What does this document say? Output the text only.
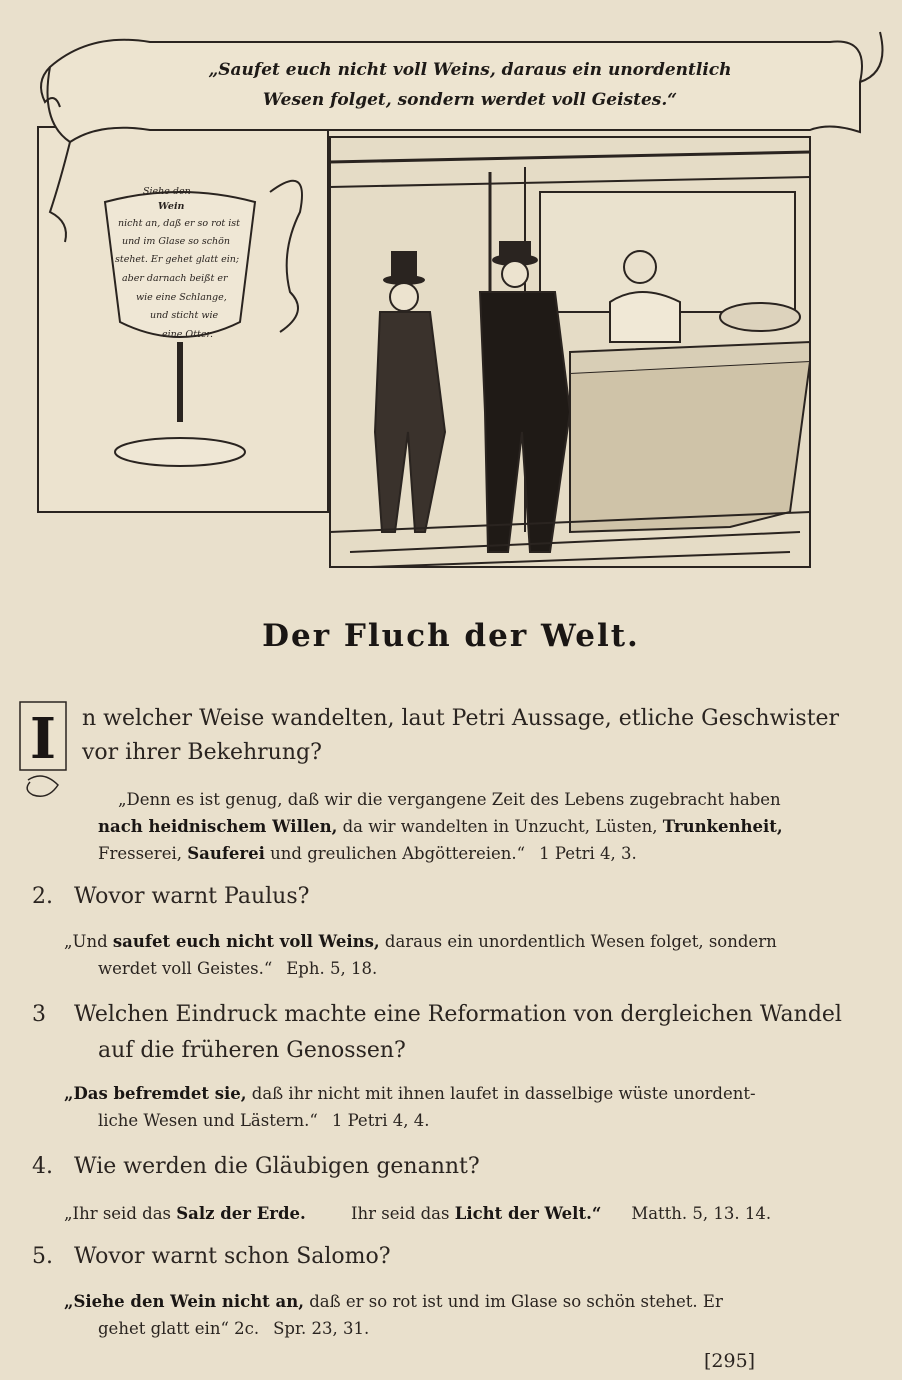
„Saufet euch nicht voll Weins, daraus ein unordentlich
Wesen folget, sondern werdet voll Geistes.“
Siehe den
Wein
nicht an, daß er so rot ist
und im Glase so schön
stehet. Er gehet glatt ein;
aber darnach beißt er
wie eine Schlange,
und sticht wie
eine Otter.
Der Fluch der Welt.
I n welcher Weise wandelten, laut Petri Aussage, etliche Geschwister
vor ihrer Bekehrung?
„Denn es ist genug, daß wir die vergangene Zeit des Lebens zugebracht haben
nach heidnischem Willen, da wir wandelten in Unzucht, Lüsten, Trunkenheit,
Fresserei, Sauferei und greulichen Abgöttereien.“ 1 Petri 4, 3.
2. Wovor warnt Paulus?
„Und saufet euch nicht voll Weins, daraus ein unordentlich Wesen folget, sondern
werdet voll Geistes.“ Eph. 5, 18.
3 Welchen Eindruck machte eine Reformation von dergleichen Wandel
auf die früheren Genossen?
„Das befremdet sie, daß ihr nicht mit ihnen laufet in dasselbige wüste unordent-
liche Wesen und Lästern.“ 1 Petri 4, 4.
4. Wie werden die Gläubigen genannt?
„Ihr seid das Salz der Erde.	Ihr seid das Licht der Welt.“ Matth. 5, 13. 14.
5. Wovor warnt schon Salomo?
„Siehe den Wein nicht an, daß er so rot ist und im Glase so schön stehet. Er
gehet glatt ein“ 2c. Spr. 23, 31.
[295]
